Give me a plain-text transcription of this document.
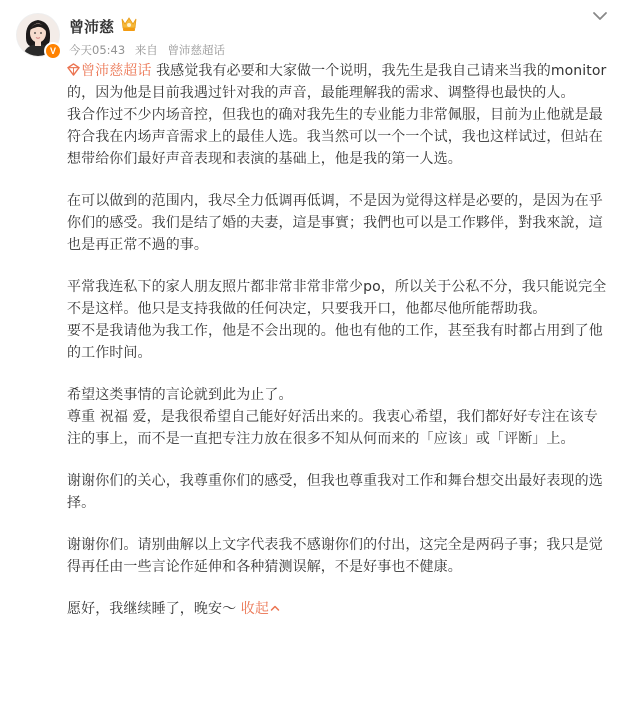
V
曾沛慈
今天05:43 来自 曾沛慈超话
曾沛慈超话 我感觉我有必要和大家做一个说明，我先生是我自己请来当我的monitor
的，因为他是目前我遇过针对我的声音，最能理解我的需求、调整得也最快的人。
我合作过不少内场音控，但我也的确对我先生的专业能力非常佩服，目前为止他就是最
符合我在内场声音需求上的最佳人选。我当然可以一个一个试，我也这样试过，但站在
想带给你们最好声音表现和表演的基础上，他是我的第一人选。
在可以做到的范围内，我尽全力低调再低调，不是因为觉得这样是必要的，是因为在乎
你们的感受。我们是结了婚的夫妻，這是事實；我們也可以是工作夥伴，對我來說，這
也是再正常不過的事。
平常我连私下的家人朋友照片都非常非常非常少po，所以关于公私不分，我只能说完全
不是这样。他只是支持我做的任何决定，只要我开口，他都尽他所能帮助我。
要不是我请他为我工作，他是不会出现的。他也有他的工作，甚至我有时都占用到了他
的工作时间。
希望这类事情的言论就到此为止了。
尊重 祝福 爱，是我很希望自己能好好活出来的。我衷心希望，我们都好好专注在该专
注的事上，而不是一直把专注力放在很多不知从何而来的「应该」或「评断」上。
谢谢你们的关心，我尊重你们的感受，但我也尊重我对工作和舞台想交出最好表现的选
择。
谢谢你们。请别曲解以上文字代表我不感谢你们的付出，这完全是两码子事；我只是觉
得再任由一些言论作延伸和各种猜测误解，不是好事也不健康。
愿好，我继续睡了，晚安～ 收起
